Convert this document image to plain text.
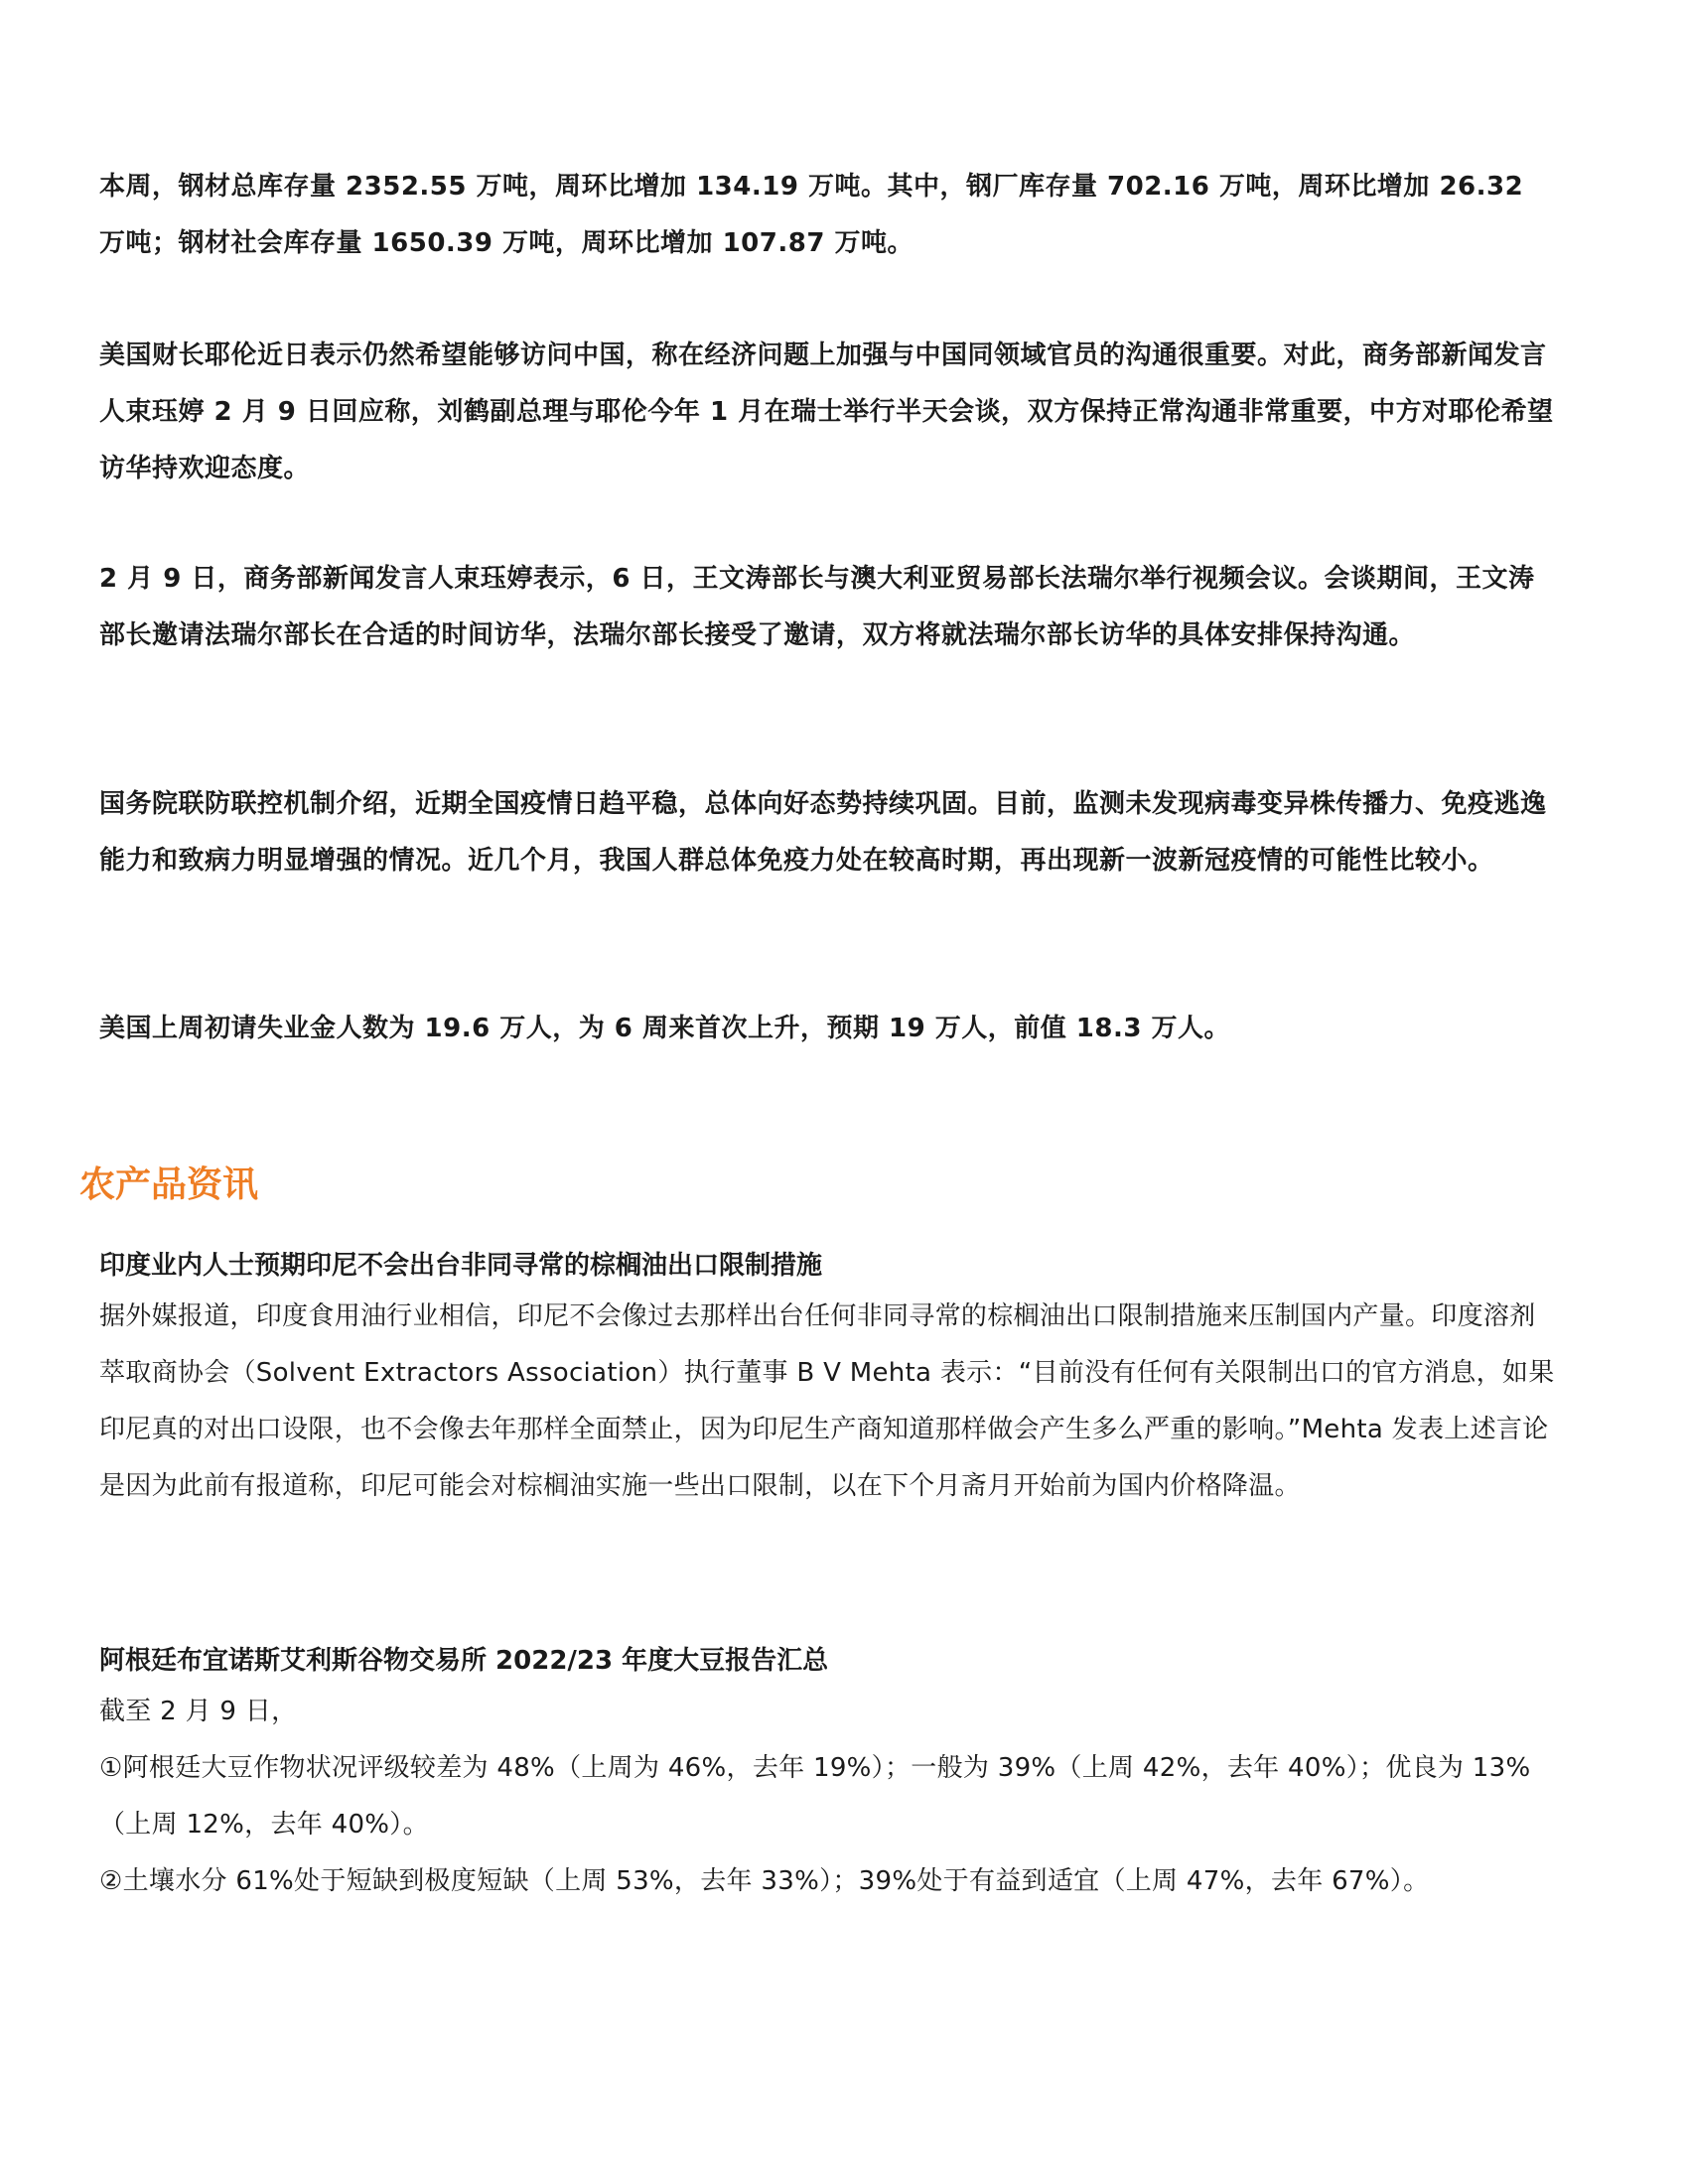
本周，钢材总库存量 2352.55 万吨，周环比增加 134.19 万吨。其中，钢厂库存量 702.16 万吨，周环比增加 26.32 万吨；钢材社会库存量 1650.39 万吨，周环比增加 107.87 万吨。

美国财长耶伦近日表示仍然希望能够访问中国，称在经济问题上加强与中国同领域官员的沟通很重要。对此，商务部新闻发言人束珏婷 2 月 9 日回应称，刘鹤副总理与耶伦今年 1 月在瑞士举行半天会谈，双方保持正常沟通非常重要，中方对耶伦希望访华持欢迎态度。

2 月 9 日，商务部新闻发言人束珏婷表示，6 日，王文涛部长与澳大利亚贸易部长法瑞尔举行视频会议。会谈期间，王文涛部长邀请法瑞尔部长在合适的时间访华，法瑞尔部长接受了邀请，双方将就法瑞尔部长访华的具体安排保持沟通。

国务院联防联控机制介绍，近期全国疫情日趋平稳，总体向好态势持续巩固。目前，监测未发现病毒变异株传播力、免疫逃逸能力和致病力明显增强的情况。近几个月，我国人群总体免疫力处在较高时期，再出现新一波新冠疫情的可能性比较小。

美国上周初请失业金人数为 19.6 万人，为 6 周来首次上升，预期 19 万人，前值 18.3 万人。

农产品资讯
印度业内人士预期印尼不会出台非同寻常的棕榈油出口限制措施

据外媒报道，印度食用油行业相信，印尼不会像过去那样出台任何非同寻常的棕榈油出口限制措施来压制国内产量。印度溶剂萃取商协会（Solvent Extractors Association）执行董事 B V Mehta 表示：“目前没有任何有关限制出口的官方消息，如果印尼真的对出口设限，也不会像去年那样全面禁止，因为印尼生产商知道那样做会产生多么严重的影响。”Mehta 发表上述言论是因为此前有报道称，印尼可能会对棕榈油实施一些出口限制，以在下个月斋月开始前为国内价格降温。

阿根廷布宜诺斯艾利斯谷物交易所 2022/23 年度大豆报告汇总

截至 2 月 9 日，

①阿根廷大豆作物状况评级较差为 48%（上周为 46%，去年 19%）；一般为 39%（上周 42%，去年 40%）；优良为 13%（上周 12%，去年 40%）。

②土壤水分 61%处于短缺到极度短缺（上周 53%，去年 33%）；39%处于有益到适宜（上周 47%，去年 67%）。
